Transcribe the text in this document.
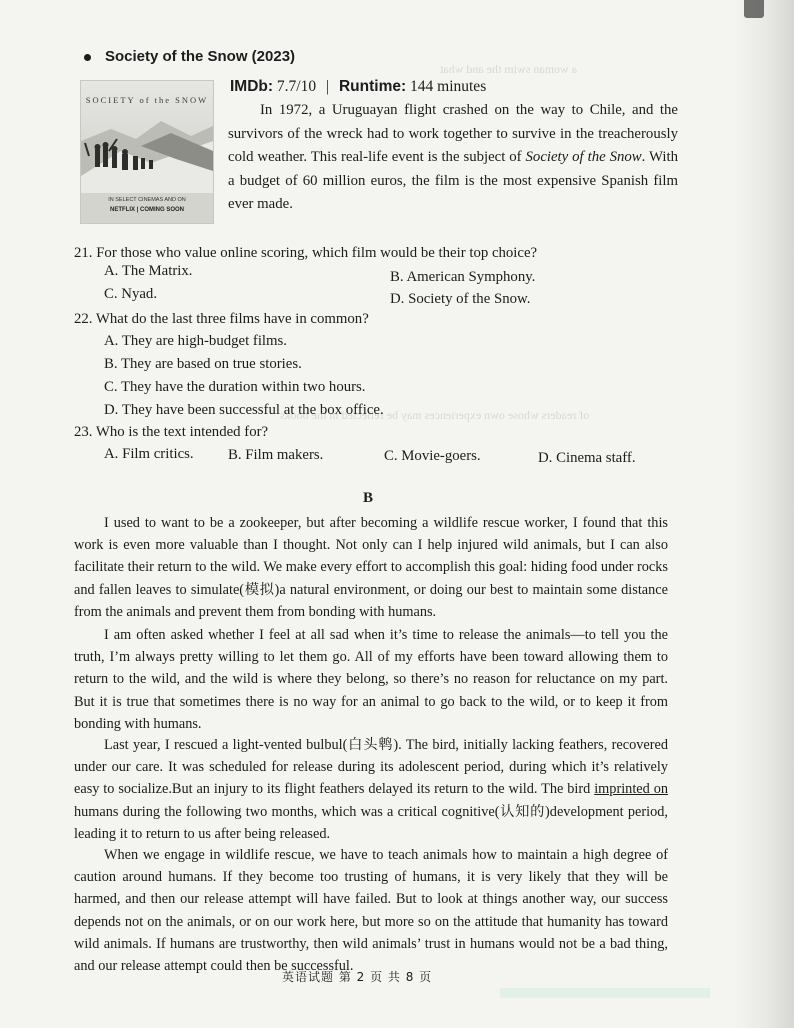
a woman swim the and what
of readers whose own experiences may be reflected in the books
Society of the Snow (2023)
SOCIETY of the SNOW
IN SELECT CINEMAS AND ON
NETFLIX | COMING SOON
IMDb: 7.7/10 | Runtime: 144 minutes
In 1972, a Uruguayan flight crashed on the way to Chile, and the survivors of the wreck had to work together to survive in the treacherously cold weather. This real-life event is the subject of Society of the Snow. With a budget of 60 million euros, the film is the most expensive Spanish film ever made.
21. For those who value online scoring, which film would be their top choice?
A. The Matrix.	B. American Symphony.
C. Nyad.	D. Society of the Snow.
22. What do the last three films have in common?
A. They are high-budget films.
B. They are based on true stories.
C. They have the duration within two hours.
D. They have been successful at the box office.
23. Who is the text intended for?
A. Film critics. B. Film makers.	C. Movie-goers.	D. Cinema staff.
B

I used to want to be a zookeeper, but after becoming a wildlife rescue worker, I found that this work is even more valuable than I thought. Not only can I help injured wild animals, but I can also facilitate their return to the wild. We make every effort to accomplish this goal: hiding food under rocks and fallen leaves to simulate(模拟)a natural environment, or doing our best to maintain some distance from the animals and prevent them from bonding with humans.

I am often asked whether I feel at all sad when it’s time to release the animals—to tell you the truth, I’m always pretty willing to let them go. All of my efforts have been toward allowing them to return to the wild, and the wild is where they belong, so there’s no reason for reluctance on my part. But it is true that sometimes there is no way for an animal to go back to the wild, or to keep it from bonding with humans.

Last year, I rescued a light-vented bulbul(白头鹎). The bird, initially lacking feathers, recovered under our care. It was scheduled for release during its adolescent period, during which it’s relatively easy to socialize.But an injury to its flight feathers delayed its return to the wild. The bird imprinted on humans during the following two months, which was a critical cognitive(认知的)development period, leading it to return to us after being released.

When we engage in wildlife rescue, we have to teach animals how to maintain a high degree of caution around humans. If they become too trusting of humans, it is very likely that they will be harmed, and then our release attempt will have failed. But to look at things another way, our success depends not on the animals, or on our work here, but more so on the attitude that humanity has toward wild animals. If humans are trustworthy, then wild animals’ trust in humans would not be a bad thing, and our release attempt could then be successful.

英语试题 第 2 页 共 8 页
